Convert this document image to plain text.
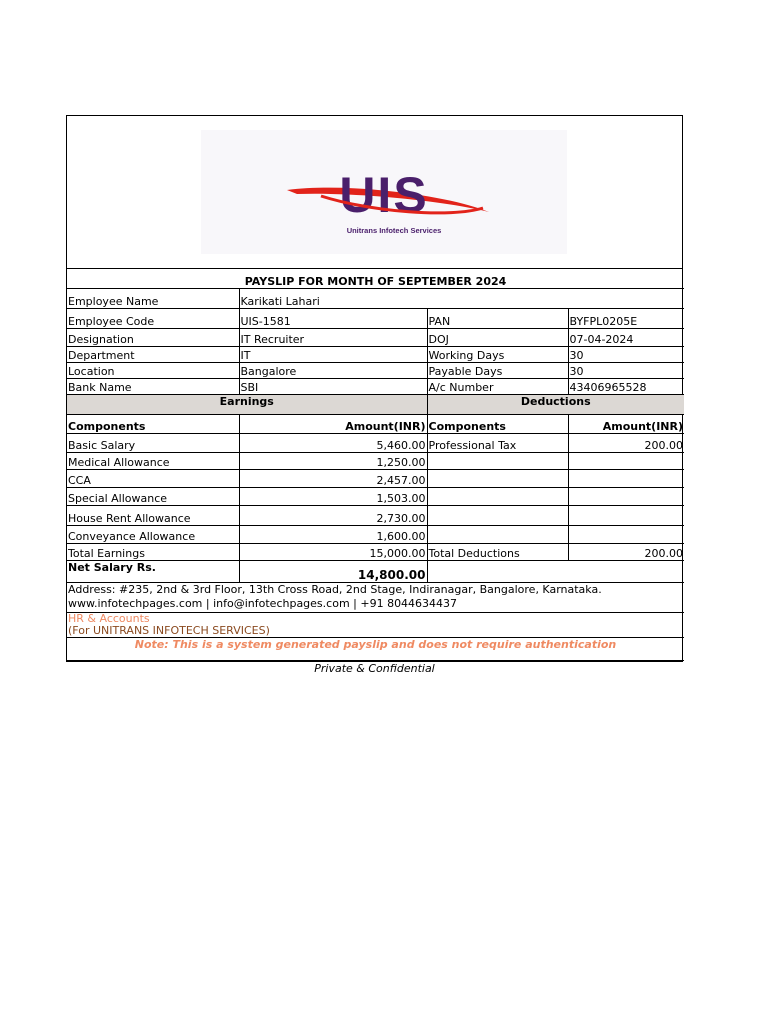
UIS
Unitrans Infotech Services
PAYSLIP FOR MONTH OF SEPTEMBER 2024			
Employee Name	Karikati Lahari		
Employee Code	UIS-1581	PAN	BYFPL0205E
Designation	IT Recruiter	DOJ	07-04-2024
Department	IT	Working Days	30
Location	Bangalore	Payable Days	30
Bank Name	SBI	A/c Number	43406965528
Earnings		Deductions	
Components	Amount(INR)	Components	Amount(INR)
Basic Salary	5,460.00	Professional Tax	200.00
Medical Allowance	1,250.00		
CCA	2,457.00		
Special Allowance	1,503.00		
House Rent Allowance	2,730.00		
Conveyance Allowance	1,600.00		
Total Earnings	15,000.00	Total Deductions	200.00
Net Salary Rs.	14,800.00		

Address: #235, 2nd & 3rd Floor, 13th Cross Road, 2nd Stage, Indiranagar, Bangalore, Karnataka.
www.infotechpages.com | info@infotechpages.com | +91 8044634437			

HR & Accounts
(For UNITRANS INFOTECH SERVICES)			

Note: This is a system generated payslip and does not require authentication			
Private & Confidential
